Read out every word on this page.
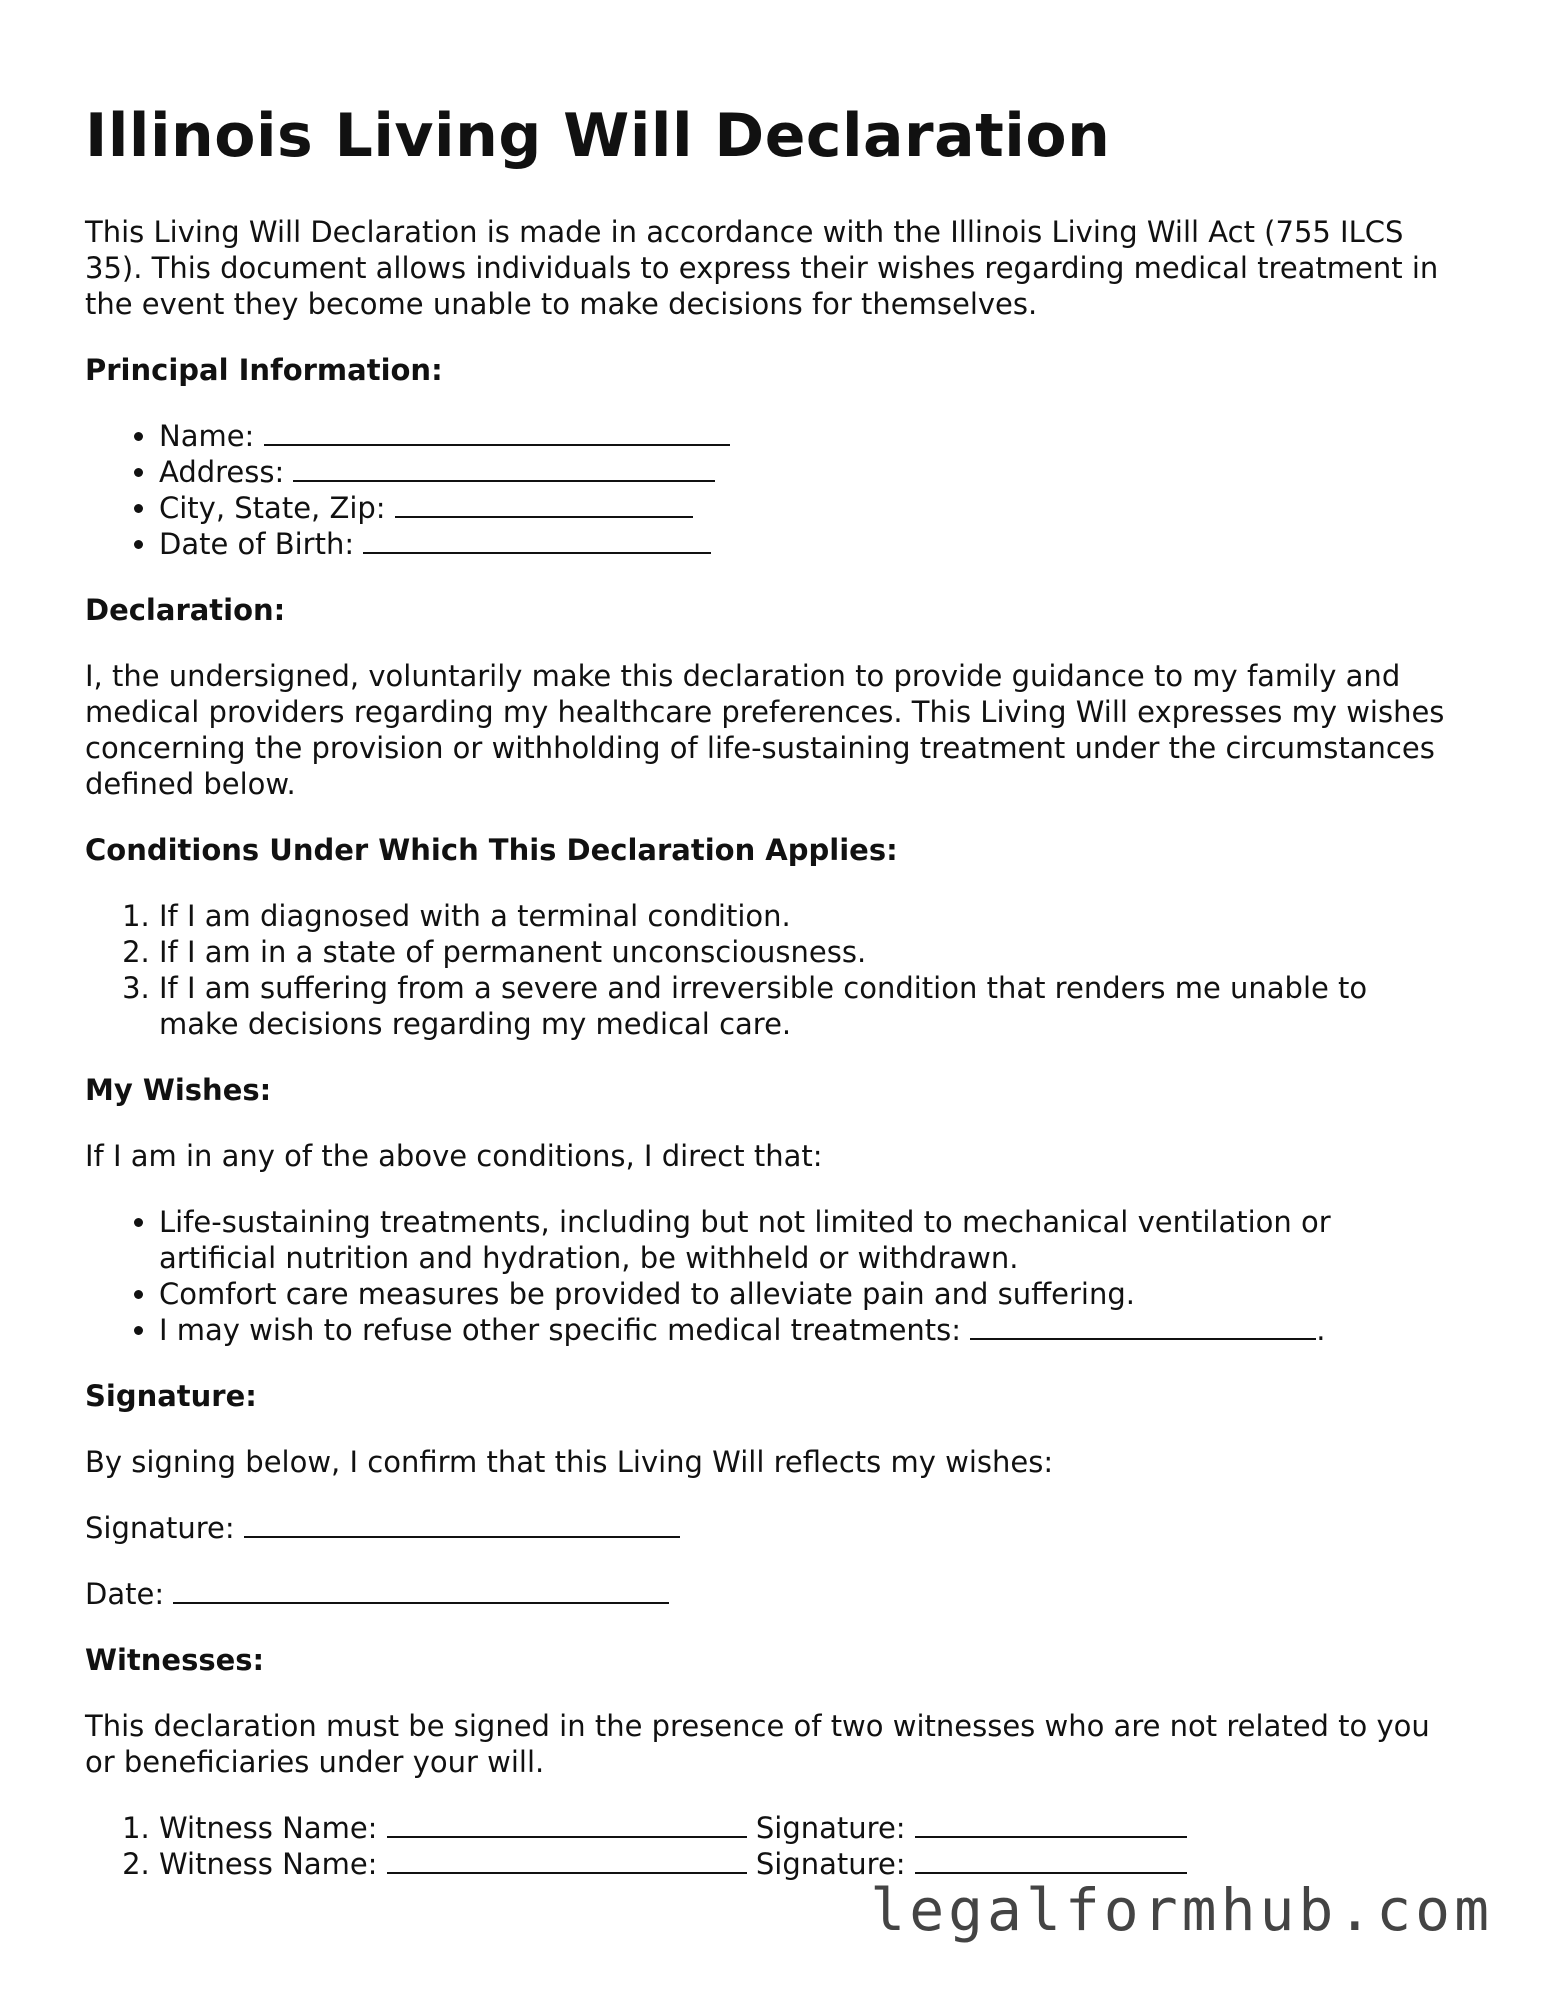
Illinois Living Will Declaration

This Living Will Declaration is made in accordance with the Illinois Living Will Act (755 ILCS 35). This document allows individuals to express their wishes regarding medical treatment in the event they become unable to make decisions for themselves.

Principal Information:
• Name:
• Address:
• City, State, Zip:
• Date of Birth:
Declaration:

I, the undersigned, voluntarily make this declaration to provide guidance to my family and medical providers regarding my healthcare preferences. This Living Will expresses my wishes concerning the provision or withholding of life-sustaining treatment under the circumstances defined below.

Conditions Under Which This Declaration Applies:
1. If I am diagnosed with a terminal condition.
2. If I am in a state of permanent unconsciousness.
3. If I am suffering from a severe and irreversible condition that renders me unable to make decisions regarding my medical care.
My Wishes:

If I am in any of the above conditions, I direct that:

• Life-sustaining treatments, including but not limited to mechanical ventilation or artificial nutrition and hydration, be withheld or withdrawn.
• Comfort care measures be provided to alleviate pain and suffering.
• I may wish to refuse other specific medical treatments:	.
Signature:

By signing below, I confirm that this Living Will reflects my wishes:

Signature:

Date:

Witnesses:

This declaration must be signed in the presence of two witnesses who are not related to you or beneficiaries under your will.

1. Witness Name:	Signature:
2. Witness Name:	Signature:
legalformhub.com
